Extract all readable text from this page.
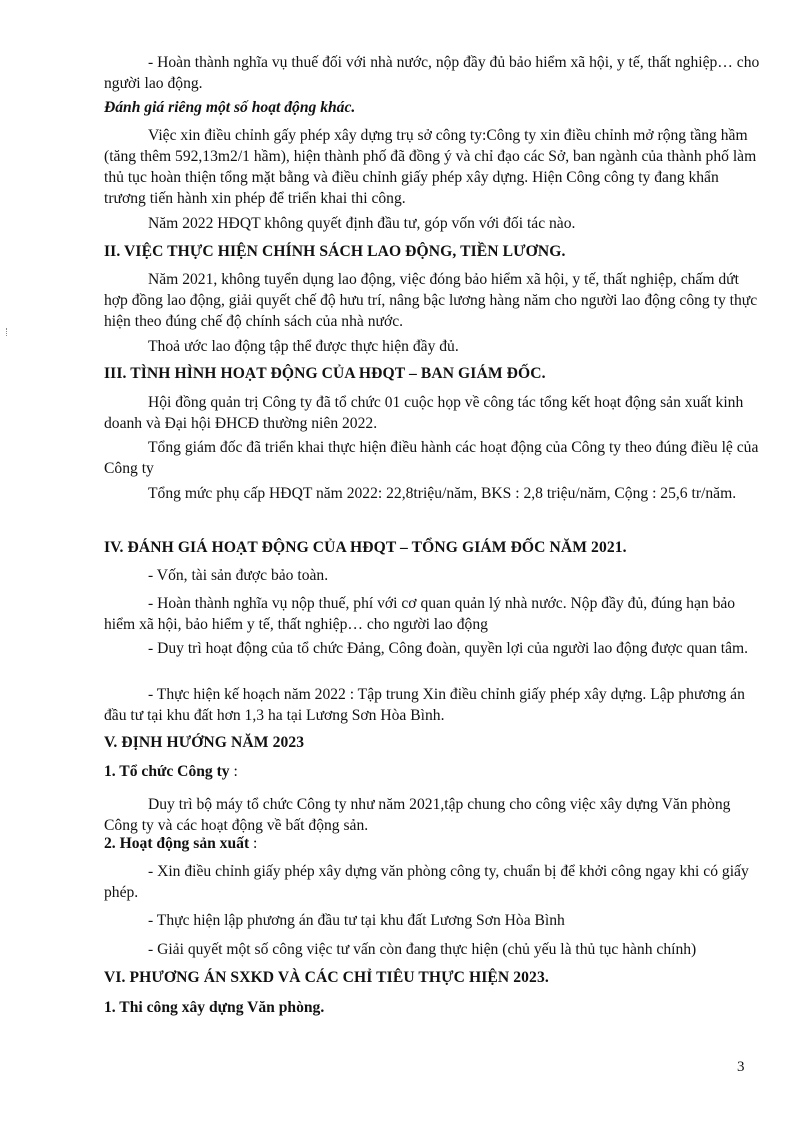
- Hoàn thành nghĩa vụ thuế đối với nhà nước, nộp đầy đủ bảo hiểm xã hội, y tế, thất nghiệp… cho người lao động.

Đánh giá riêng một số hoạt động khác.

Việc xin điều chỉnh gấy phép xây dựng trụ sở công ty:Công ty xin điều chỉnh mở rộng tầng hầm (tăng thêm 592,13m2/1 hầm), hiện thành phố đã đồng ý và chỉ đạo các Sở, ban ngành của thành phố làm thủ tục hoàn thiện tổng mặt bằng và điều chỉnh giấy phép xây dựng. Hiện Công công ty đang khẩn trương tiến hành xin phép để triển khai thi công.

Năm 2022 HĐQT không quyết định đầu tư, góp vốn với đối tác nào.

II. VIỆC THỰC HIỆN CHÍNH SÁCH LAO ĐỘNG, TIỀN LƯƠNG.

Năm 2021, không tuyển dụng lao động, việc đóng bảo hiểm xã hội, y tế, thất nghiệp, chấm dứt hợp đồng lao động, giải quyết chế độ hưu trí, nâng bậc lương hàng năm cho người lao động công ty thực hiện theo đúng chế độ chính sách của nhà nước.

Thoả ước lao động tập thể được thực hiện đầy đủ.

III. TÌNH HÌNH HOẠT ĐỘNG CỦA HĐQT – BAN GIÁM ĐỐC.

Hội đồng quản trị Công ty đã tổ chức 01 cuộc họp về công tác tổng kết hoạt động sản xuất kinh doanh và Đại hội ĐHCĐ thường niên 2022.

Tổng giám đốc đã triển khai thực hiện điều hành các hoạt động của Công ty theo đúng điều lệ của Công ty

Tổng mức phụ cấp HĐQT năm 2022: 22,8triệu/năm, BKS : 2,8 triệu/năm, Cộng : 25,6 tr/năm.

IV. ĐÁNH GIÁ HOẠT ĐỘNG CỦA HĐQT – TỔNG GIÁM ĐỐC NĂM 2021.

- Vốn, tài sản được bảo toàn.

- Hoàn thành nghĩa vụ nộp thuế, phí với cơ quan quản lý nhà nước. Nộp đầy đủ, đúng hạn bảo hiểm xã hội, bảo hiểm y tế, thất nghiệp… cho người lao động

- Duy trì hoạt động của tổ chức Đảng, Công đoàn, quyền lợi của người lao động được quan tâm.

- Thực hiện kế hoạch năm 2022 : Tập trung Xin điều chỉnh giấy phép xây dựng. Lập phương án đầu tư tại khu đất hơn 1,3 ha tại Lương Sơn Hòa Bình.

V. ĐỊNH HƯỚNG NĂM 2023

1. Tổ chức Công ty :

Duy trì bộ máy tổ chức Công ty như năm 2021,tập chung cho công việc xây dựng Văn phòng Công ty và các hoạt động về bất động sản.

2. Hoạt động sản xuất :

- Xin điều chỉnh giấy phép xây dựng văn phòng công ty, chuẩn bị để khởi công ngay khi có giấy phép.

- Thực hiện lập phương án đầu tư tại khu đất Lương Sơn Hòa Bình

- Giải quyết một số công việc tư vấn còn đang thực hiện (chủ yếu là thủ tục hành chính)

VI. PHƯƠNG ÁN SXKD VÀ CÁC CHỈ TIÊU THỰC HIỆN 2023.

1. Thi công xây dựng Văn phòng.

3
